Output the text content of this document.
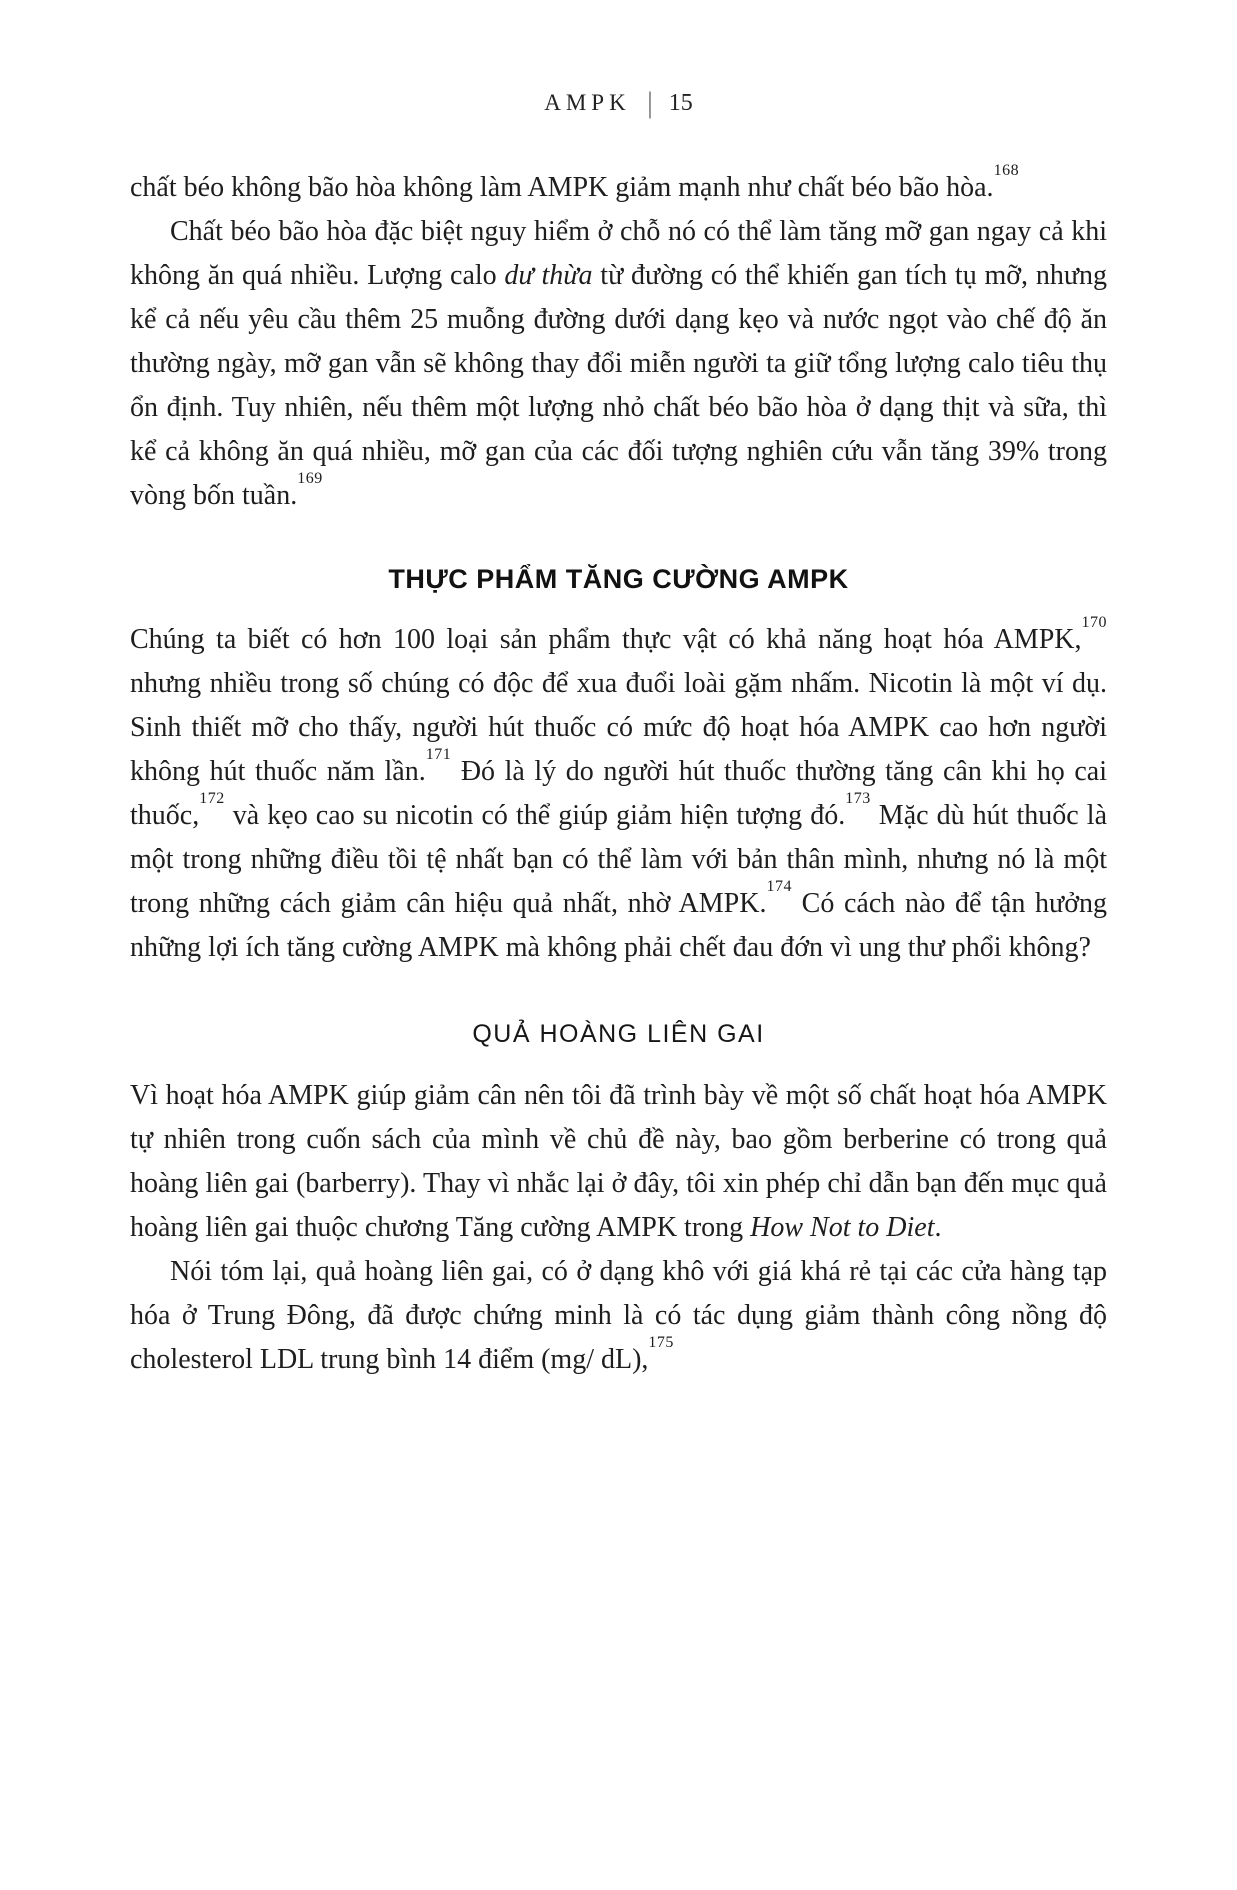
AMPK | 15

chất béo không bão hòa không làm AMPK giảm mạnh như chất béo bão hòa.$^{168}$

Chất béo bão hòa đặc biệt nguy hiểm ở chỗ nó có thể làm tăng mỡ gan ngay cả khi không ăn quá nhiều. Lượng calo dư thừa từ đường có thể khiến gan tích tụ mỡ, nhưng kể cả nếu yêu cầu thêm 25 muỗng đường dưới dạng kẹo và nước ngọt vào chế độ ăn thường ngày, mỡ gan vẫn sẽ không thay đổi miễn người ta giữ tổng lượng calo tiêu thụ ổn định. Tuy nhiên, nếu thêm một lượng nhỏ chất béo bão hòa ở dạng thịt và sữa, thì kể cả không ăn quá nhiều, mỡ gan của các đối tượng nghiên cứu vẫn tăng 39% trong vòng bốn tuần.$^{169}$

THỰC PHẨM TĂNG CƯỜNG AMPK

Chúng ta biết có hơn 100 loại sản phẩm thực vật có khả năng hoạt hóa AMPK,$^{170}$ nhưng nhiều trong số chúng có độc để xua đuổi loài gặm nhấm. Nicotin là một ví dụ. Sinh thiết mỡ cho thấy, người hút thuốc có mức độ hoạt hóa AMPK cao hơn người không hút thuốc năm lần.$^{171}$ Đó là lý do người hút thuốc thường tăng cân khi họ cai thuốc,$^{172}$ và kẹo cao su nicotin có thể giúp giảm hiện tượng đó.$^{173}$ Mặc dù hút thuốc là một trong những điều tồi tệ nhất bạn có thể làm với bản thân mình, nhưng nó là một trong những cách giảm cân hiệu quả nhất, nhờ AMPK.$^{174}$ Có cách nào để tận hưởng những lợi ích tăng cường AMPK mà không phải chết đau đớn vì ung thư phổi không?

QUẢ HOÀNG LIÊN GAI

Vì hoạt hóa AMPK giúp giảm cân nên tôi đã trình bày về một số chất hoạt hóa AMPK tự nhiên trong cuốn sách của mình về chủ đề này, bao gồm berberine có trong quả hoàng liên gai (barberry). Thay vì nhắc lại ở đây, tôi xin phép chỉ dẫn bạn đến mục quả hoàng liên gai thuộc chương Tăng cường AMPK trong How Not to Diet.

Nói tóm lại, quả hoàng liên gai, có ở dạng khô với giá khá rẻ tại các cửa hàng tạp hóa ở Trung Đông, đã được chứng minh là có tác dụng giảm thành công nồng độ cholesterol LDL trung bình 14 điểm (mg/ dL),$^{175}$
